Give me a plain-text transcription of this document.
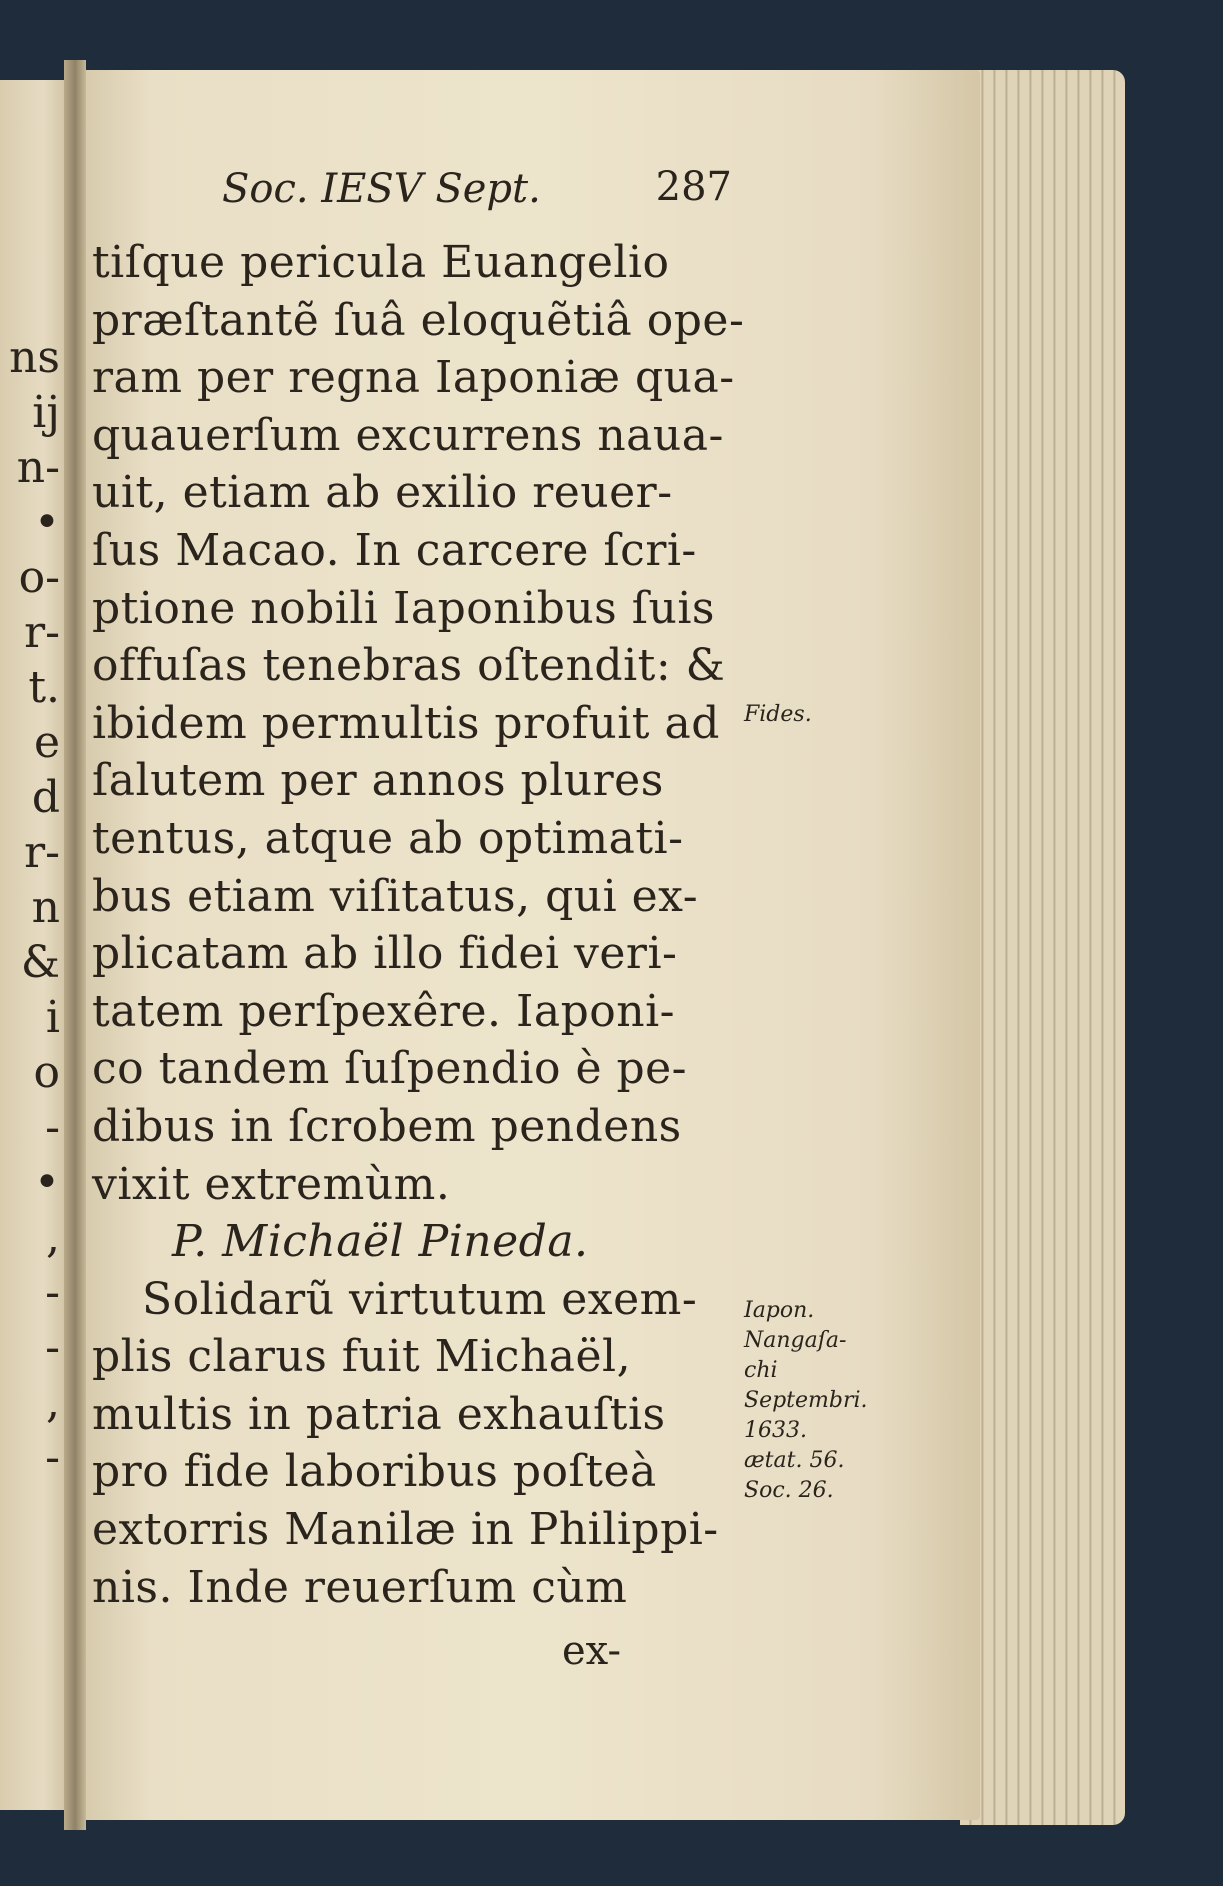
ns
ij
n-
•
o-
r-
t.
e
d
r-
n
&
i
o
-
•
,
-
-
,
-
Soc. IESV Sept.	287
tiſque pericula Euangelio
præſtantẽ ſuâ eloquẽtiâ ope-
ram per regna Iaponiæ qua-
quauerſum excurrens naua-
uit, etiam ab exilio reuer-
ſus Macao. In carcere ſcri-
ptione nobili Iaponibus ſuis
offuſas tenebras oſtendit: &
ibidem permultis profuit ad
ſalutem per annos plures
tentus, atque ab optimati-
bus etiam viſitatus, qui ex-
plicatam ab illo fidei veri-
tatem perſpexêre. Iaponi-
co tandem ſuſpendio è pe-
dibus in ſcrobem pendens
vixit extremùm.
P. Michaël Pineda.
Solidarũ virtutum exem-
plis clarus fuit Michaël,
multis in patria exhauſtis
pro fide laboribus poſteà
extorris Manilæ in Philippi-
nis. Inde reuerſum cùm
ex-
Fides.
Iapon.
Nangaſa-
chi
Septembri.
1633.
ætat. 56.
Soc. 26.
